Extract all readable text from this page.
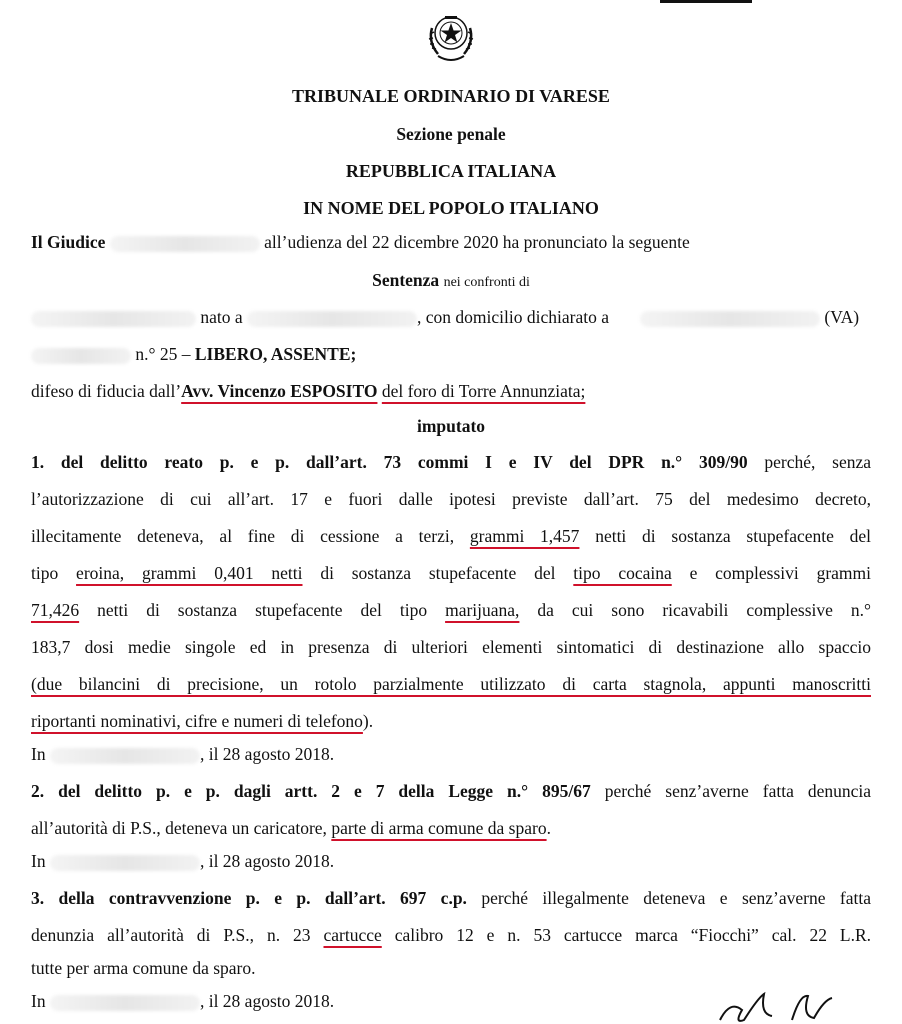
TRIBUNALE ORDINARIO DI VARESE
Sezione penale
REPUBBLICA ITALIANA
IN NOME DEL POPOLO ITALIANO
Il Giudice	all’udienza del 22 dicembre 2020 ha pronunciato la seguente
Sentenza nei confronti di
nato a	, con domicilio dichiarato a	(VA)
n.° 25 – LIBERO, ASSENTE;
difeso di fiducia dall’Avv. Vincenzo ESPOSITO del foro di Torre Annunziata;
imputato
1. del delitto reato p. e p. dall’art. 73 commi I e IV del DPR n.° 309/90 perché, senza
l’autorizzazione di cui all’art. 17 e fuori dalle ipotesi previste dall’art. 75 del medesimo decreto,
illecitamente deteneva, al fine di cessione a terzi, grammi 1,457 netti di sostanza stupefacente del
tipo eroina, grammi 0,401 netti di sostanza stupefacente del tipo cocaina e complessivi grammi
71,426 netti di sostanza stupefacente del tipo marijuana, da cui sono ricavabili complessive n.°
183,7 dosi medie singole ed in presenza di ulteriori elementi sintomatici di destinazione allo spaccio
(due bilancini di precisione, un rotolo parzialmente utilizzato di carta stagnola, appunti manoscritti
riportanti nominativi, cifre e numeri di telefono).
In	, il 28 agosto 2018.
2. del delitto p. e p. dagli artt. 2 e 7 della Legge n.° 895/67 perché senz’averne fatta denuncia
all’autorità di P.S., deteneva un caricatore, parte di arma comune da sparo.
In	, il 28 agosto 2018.
3. della contravvenzione p. e p. dall’art. 697 c.p. perché illegalmente deteneva e senz’averne fatta
denunzia all’autorità di P.S., n. 23 cartucce calibro 12 e n. 53 cartucce marca “Fiocchi” cal. 22 L.R.
tutte per arma comune da sparo.
In	, il 28 agosto 2018.
